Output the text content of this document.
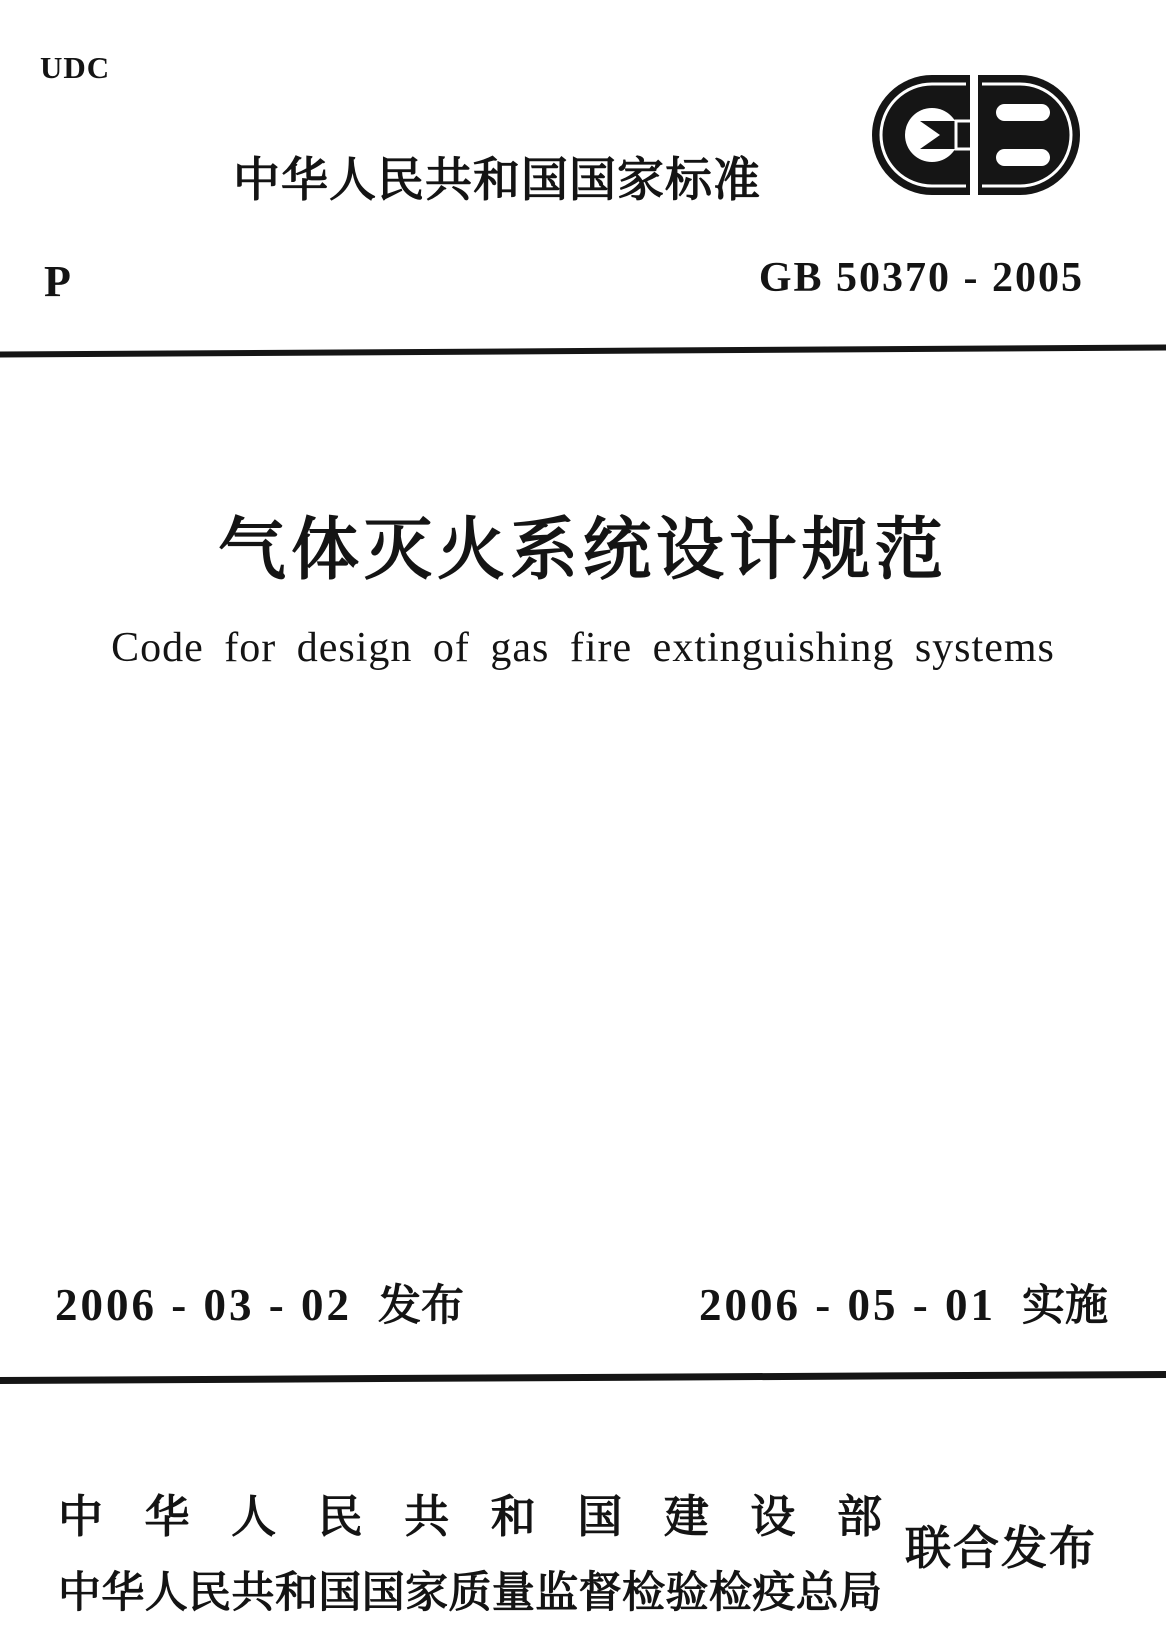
UDC
中华人民共和国国家标准
P	GB 50370 - 2005
气体灭火系统设计规范
Code for design of gas fire extinguishing systems
2006 - 03 - 02 发布	2006 - 05 - 01 实施
中华人民共和国建设部
中华人民共和国国家质量监督检验检疫总局
联合发布
